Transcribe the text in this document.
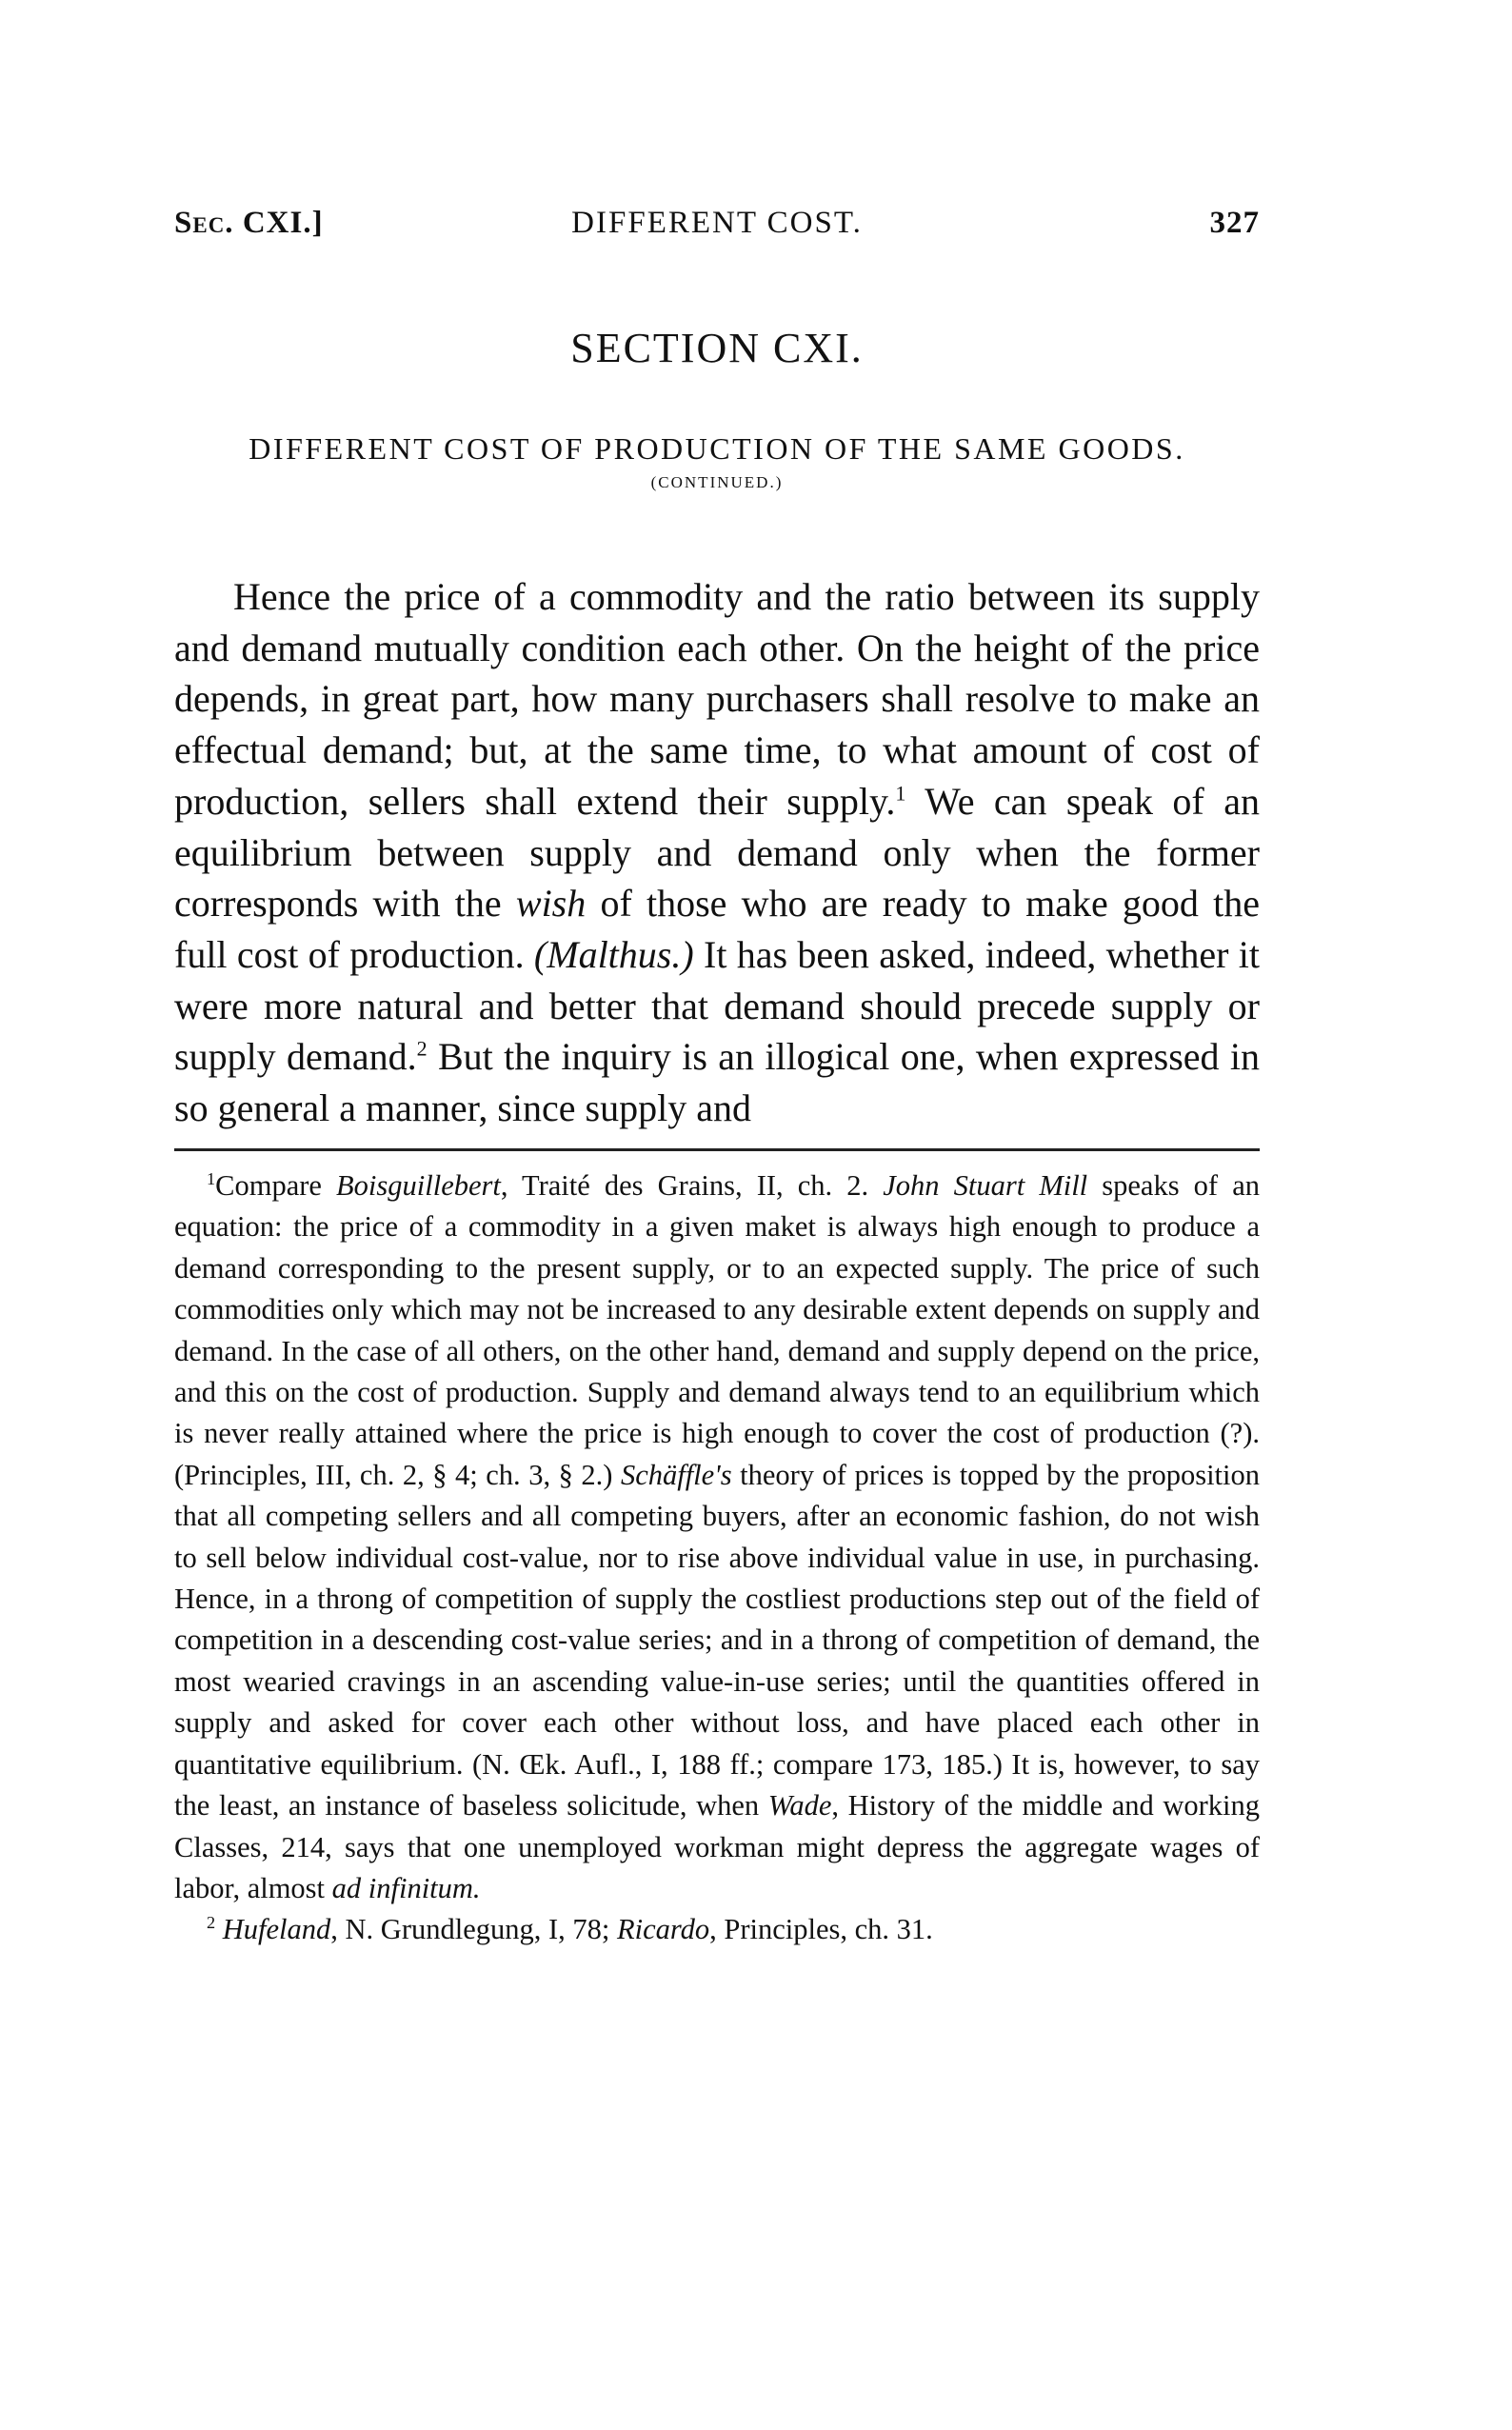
Sec. CXI.]	DIFFERENT COST.	327
SECTION CXI.
DIFFERENT COST OF PRODUCTION OF THE SAME GOODS.
(CONTINUED.)

Hence the price of a commodity and the ratio between its supply and demand mutually condition each other. On the height of the price depends, in great part, how many purchasers shall resolve to make an effectual demand; but, at the same time, to what amount of cost of production, sellers shall extend their supply.$^1$ We can speak of an equilibrium between supply and demand only when the former corresponds with the wish of those who are ready to make good the full cost of production. (Malthus.) It has been asked, indeed, whether it were more natural and better that demand should precede supply or supply demand.$^2$ But the inquiry is an illogical one, when expressed in so general a manner, since supply and

$^1$Compare Boisguillebert, Traité des Grains, II, ch. 2. John Stuart Mill speaks of an equation: the price of a commodity in a given maket is always high enough to produce a demand corresponding to the present supply, or to an expected supply. The price of such commodities only which may not be increased to any desirable extent depends on supply and demand. In the case of all others, on the other hand, demand and supply depend on the price, and this on the cost of production. Supply and demand always tend to an equilibrium which is never really attained where the price is high enough to cover the cost of production (?). (Principles, III, ch. 2, § 4; ch. 3, § 2.) Schäffle's theory of prices is topped by the proposition that all competing sellers and all competing buyers, after an economic fashion, do not wish to sell below individual cost-value, nor to rise above individual value in use, in purchasing. Hence, in a throng of competition of supply the costliest productions step out of the field of competition in a descending cost-value series; and in a throng of competition of demand, the most wearied cravings in an ascending value-in-use series; until the quantities offered in supply and asked for cover each other without loss, and have placed each other in quantitative equilibrium. (N. Œk. Aufl., I, 188 ff.; compare 173, 185.) It is, however, to say the least, an instance of baseless solicitude, when Wade, History of the middle and working Classes, 214, says that one unemployed workman might depress the aggregate wages of labor, almost ad infinitum.

$^2$ Hufeland, N. Grundlegung, I, 78; Ricardo, Principles, ch. 31.
